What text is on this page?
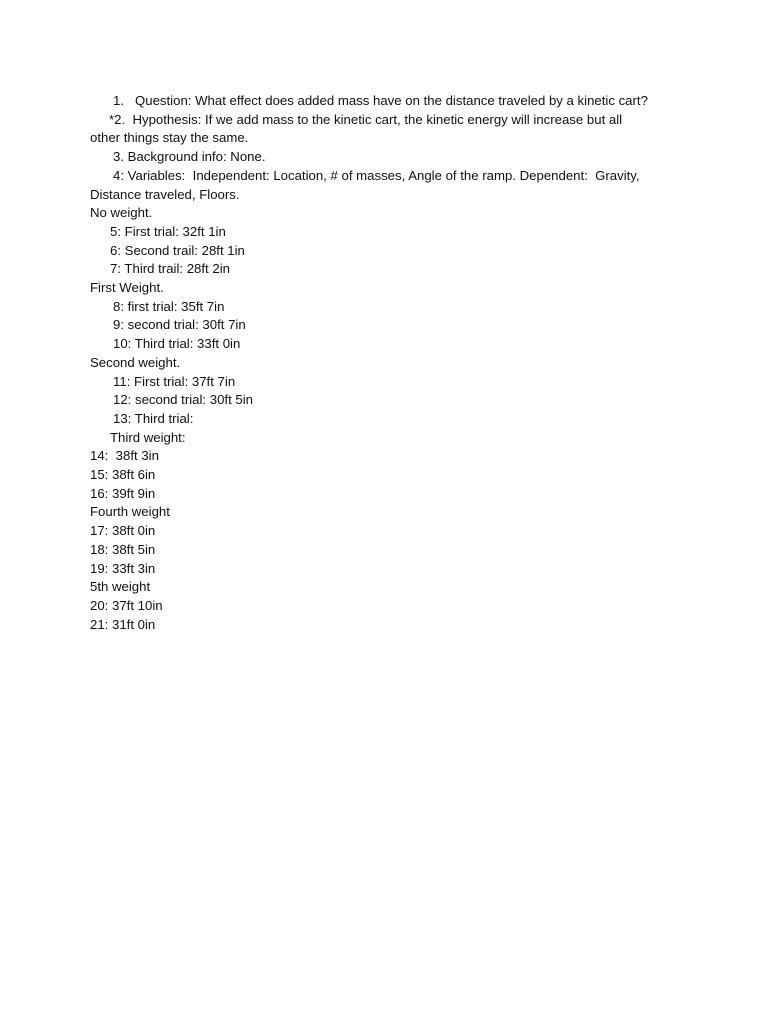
1. Question: What effect does added mass have on the distance traveled by a kinetic cart?
*2.  Hypothesis: If we add mass to the kinetic cart, the kinetic energy will increase but all
other things stay the same.
3. Background info: None.
4: Variables:  Independent: Location, # of masses, Angle of the ramp. Dependent:  Gravity,
Distance traveled, Floors.
No weight.
5: First trial: 32ft 1in
6: Second trail: 28ft 1in
7: Third trail: 28ft 2in
First Weight.
8: first trial: 35ft 7in
9: second trial: 30ft 7in
10: Third trial: 33ft 0in
Second weight.
11: First trial: 37ft 7in
12: second trial: 30ft 5in
13: Third trial:
Third weight:
14:  38ft 3in
15: 38ft 6in
16: 39ft 9in
Fourth weight
17: 38ft 0in
18: 38ft 5in
19: 33ft 3in
5th weight
20: 37ft 10in
21: 31ft 0in
